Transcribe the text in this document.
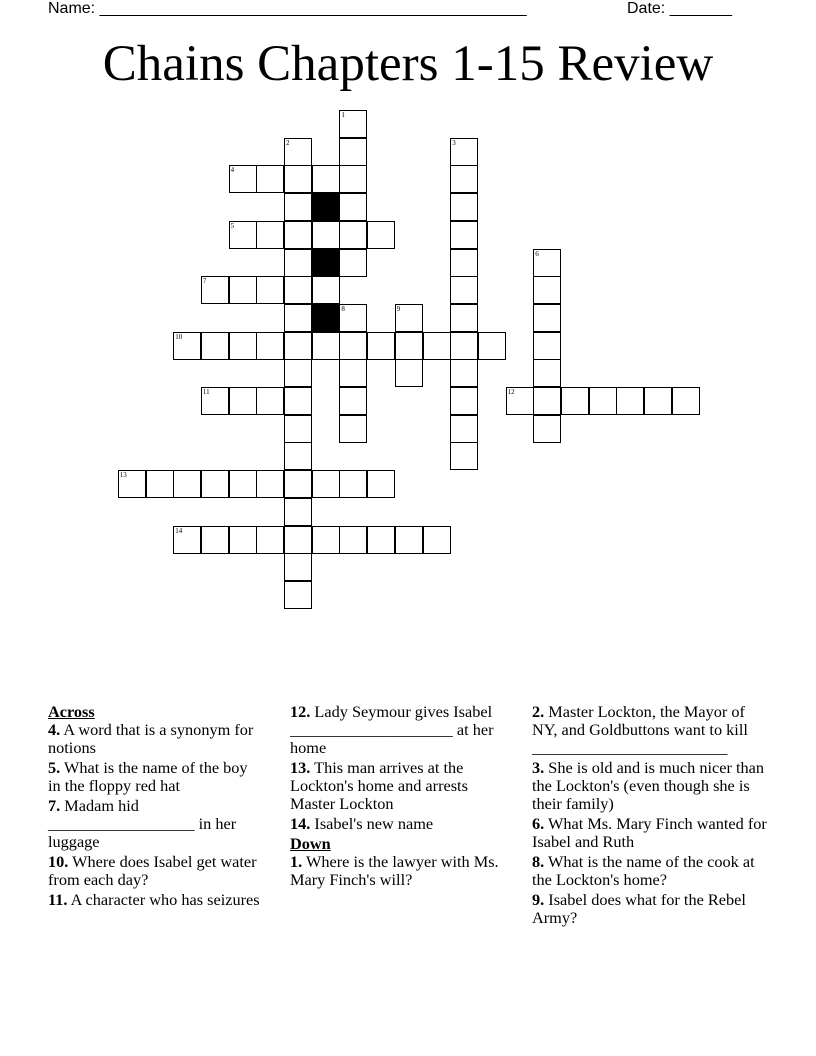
Name: ________________________________________________	Date: _______
Chains Chapters 1-15 Review
4
5
7
10
11	12
13
14
1
2	3
6
8	9

Across

4. A word that is a synonym for notions

5. What is the name of the boy in the floppy red hat

7. Madam hid __________________ in her luggage

10. Where does Isabel get water from each day?

11. A character who has seizures

12. Lady Seymour gives Isabel ____________________ at her home

13. This man arrives at the Lockton's home and arrests Master Lockton

14. Isabel's new name

Down

1. Where is the lawyer with Ms. Mary Finch's will?

2. Master Lockton, the Mayor of NY, and Goldbuttons want to kill ________________________

3. She is old and is much nicer than the Lockton's (even though she is their family)

6. What Ms. Mary Finch wanted for Isabel and Ruth

8. What is the name of the cook at the Lockton's home?

9. Isabel does what for the Rebel Army?
